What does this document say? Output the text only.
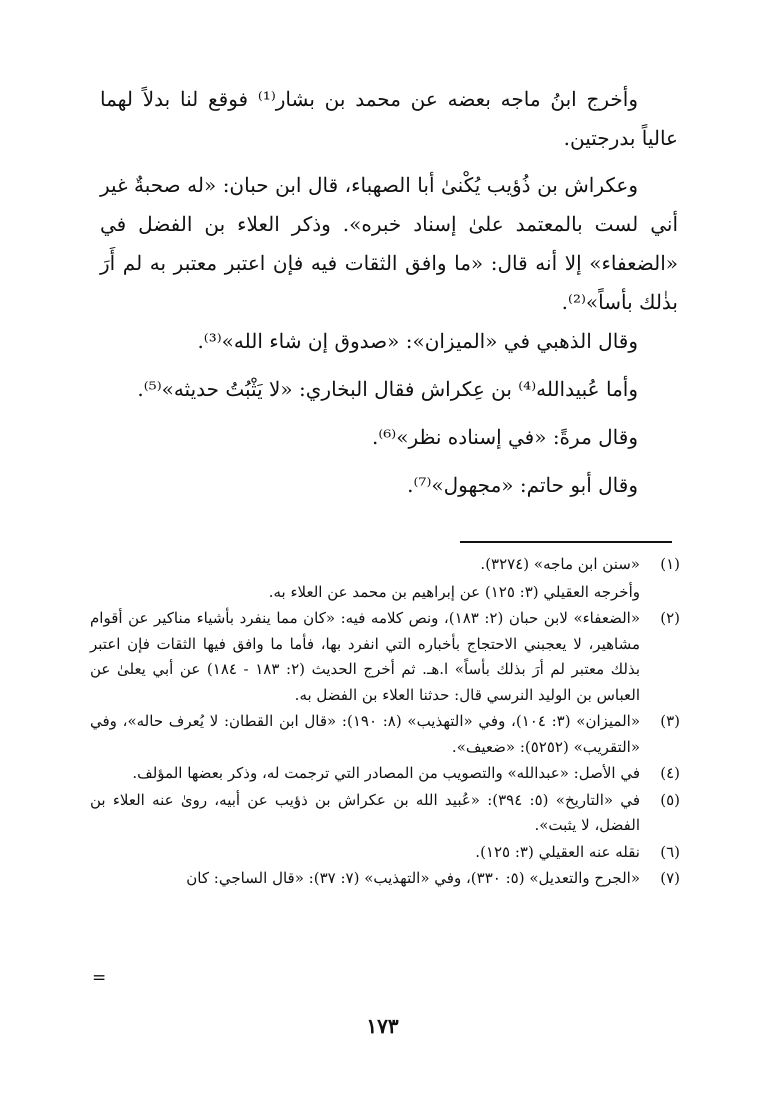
وأخرج ابنُ ماجه بعضه عن محمد بن بشار⁽¹⁾ فوقع لنا بدلاً لهما عالياً بدرجتين.

وعكراش بن ذُؤيب يُكْنىٰ أبا الصهباء، قال ابن حبان: «له صحبةٌ غير أني لست بالمعتمد علىٰ إسناد خبره». وذكر العلاء بن الفضل في «الضعفاء» إلا أنه قال: «ما وافق الثقات فيه فإن اعتبر معتبر به لم أَرَ بذٰلك بأساً»⁽²⁾.

وقال الذهبي في «الميزان»: «صدوق إن شاء الله»⁽³⁾.

وأما عُبيدالله⁽⁴⁾ بن عِكراش فقال البخاري: «لا يَثْبُتُ حديثه»⁽⁵⁾.

وقال مرةً: «في إسناده نظر»⁽⁶⁾.

وقال أبو حاتم: «مجهول»⁽⁷⁾.

(١)
«سنن ابن ماجه» (٣٢٧٤).
وأخرجه العقيلي (٣: ١٢٥) عن إبراهيم بن محمد عن العلاء به.
(٢)
«الضعفاء» لابن حبان (٢: ١٨٣)، ونص كلامه فيه: «كان مما ينفرد بأشياء مناكير عن أقوام مشاهير، لا يعجبني الاحتجاج بأخباره التي انفرد بها، فأما ما وافق فيها الثقات فإن اعتبر بذلك معتبر لم أرَ بذلك بأساً» ا.هـ. ثم أخرج الحديث (٢: ١٨٣ - ١٨٤) عن أبي يعلىٰ عن العباس بن الوليد النرسي قال: حدثنا العلاء بن الفضل به.
(٣)
«الميزان» (٣: ١٠٤)، وفي «التهذيب» (٨: ١٩٠): «قال ابن القطان: لا يُعرف حاله»، وفي «التقريب» (٥٢٥٢): «ضعيف».
(٤)
في الأصل: «عبدالله» والتصويب من المصادر التي ترجمت له، وذكر بعضها المؤلف.
(٥)
في «التاريخ» (٥: ٣٩٤): «عُبيد الله بن عكراش بن ذؤيب عن أبيه، روىٰ عنه العلاء بن الفضل، لا يثبت».
(٦)
نقله عنه العقيلي (٣: ١٢٥).
(٧)
«الجرح والتعديل» (٥: ٣٣٠)، وفي «التهذيب» (٧: ٣٧): «قال الساجي: كان
=
١٧٣
